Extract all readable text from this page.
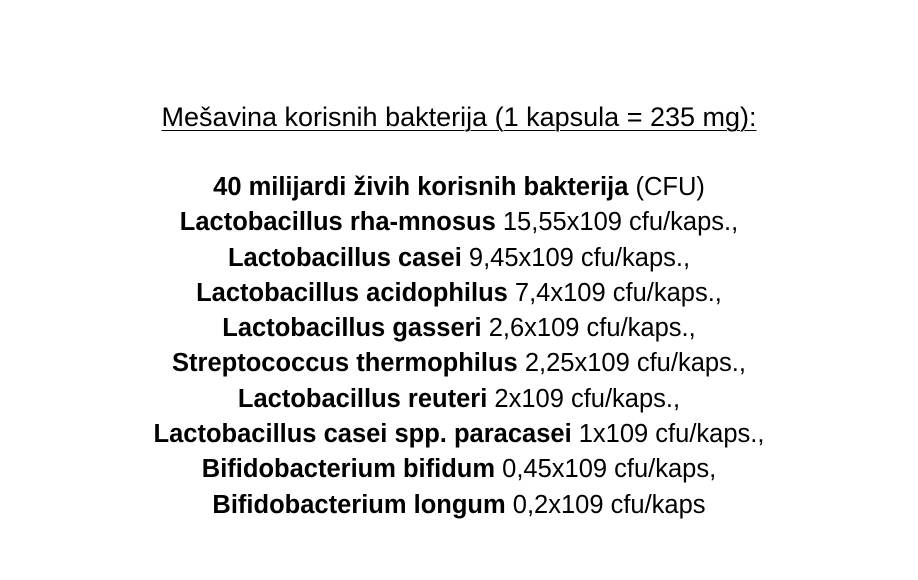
Mešavina korisnih bakterija (1 kapsula = 235 mg):
40 milijardi živih korisnih bakterija (CFU)
Lactobacillus rha-mnosus 15,55x109 cfu/kaps.,
Lactobacillus casei 9,45x109 cfu/kaps.,
Lactobacillus acidophilus 7,4x109 cfu/kaps.,
Lactobacillus gasseri 2,6x109 cfu/kaps.,
Streptococcus thermophilus 2,25x109 cfu/kaps.,
Lactobacillus reuteri 2x109 cfu/kaps.,
Lactobacillus casei spp. paracasei 1x109 cfu/kaps.,
Bifidobacterium bifidum 0,45x109 cfu/kaps,
Bifidobacterium longum 0,2x109 cfu/kaps
